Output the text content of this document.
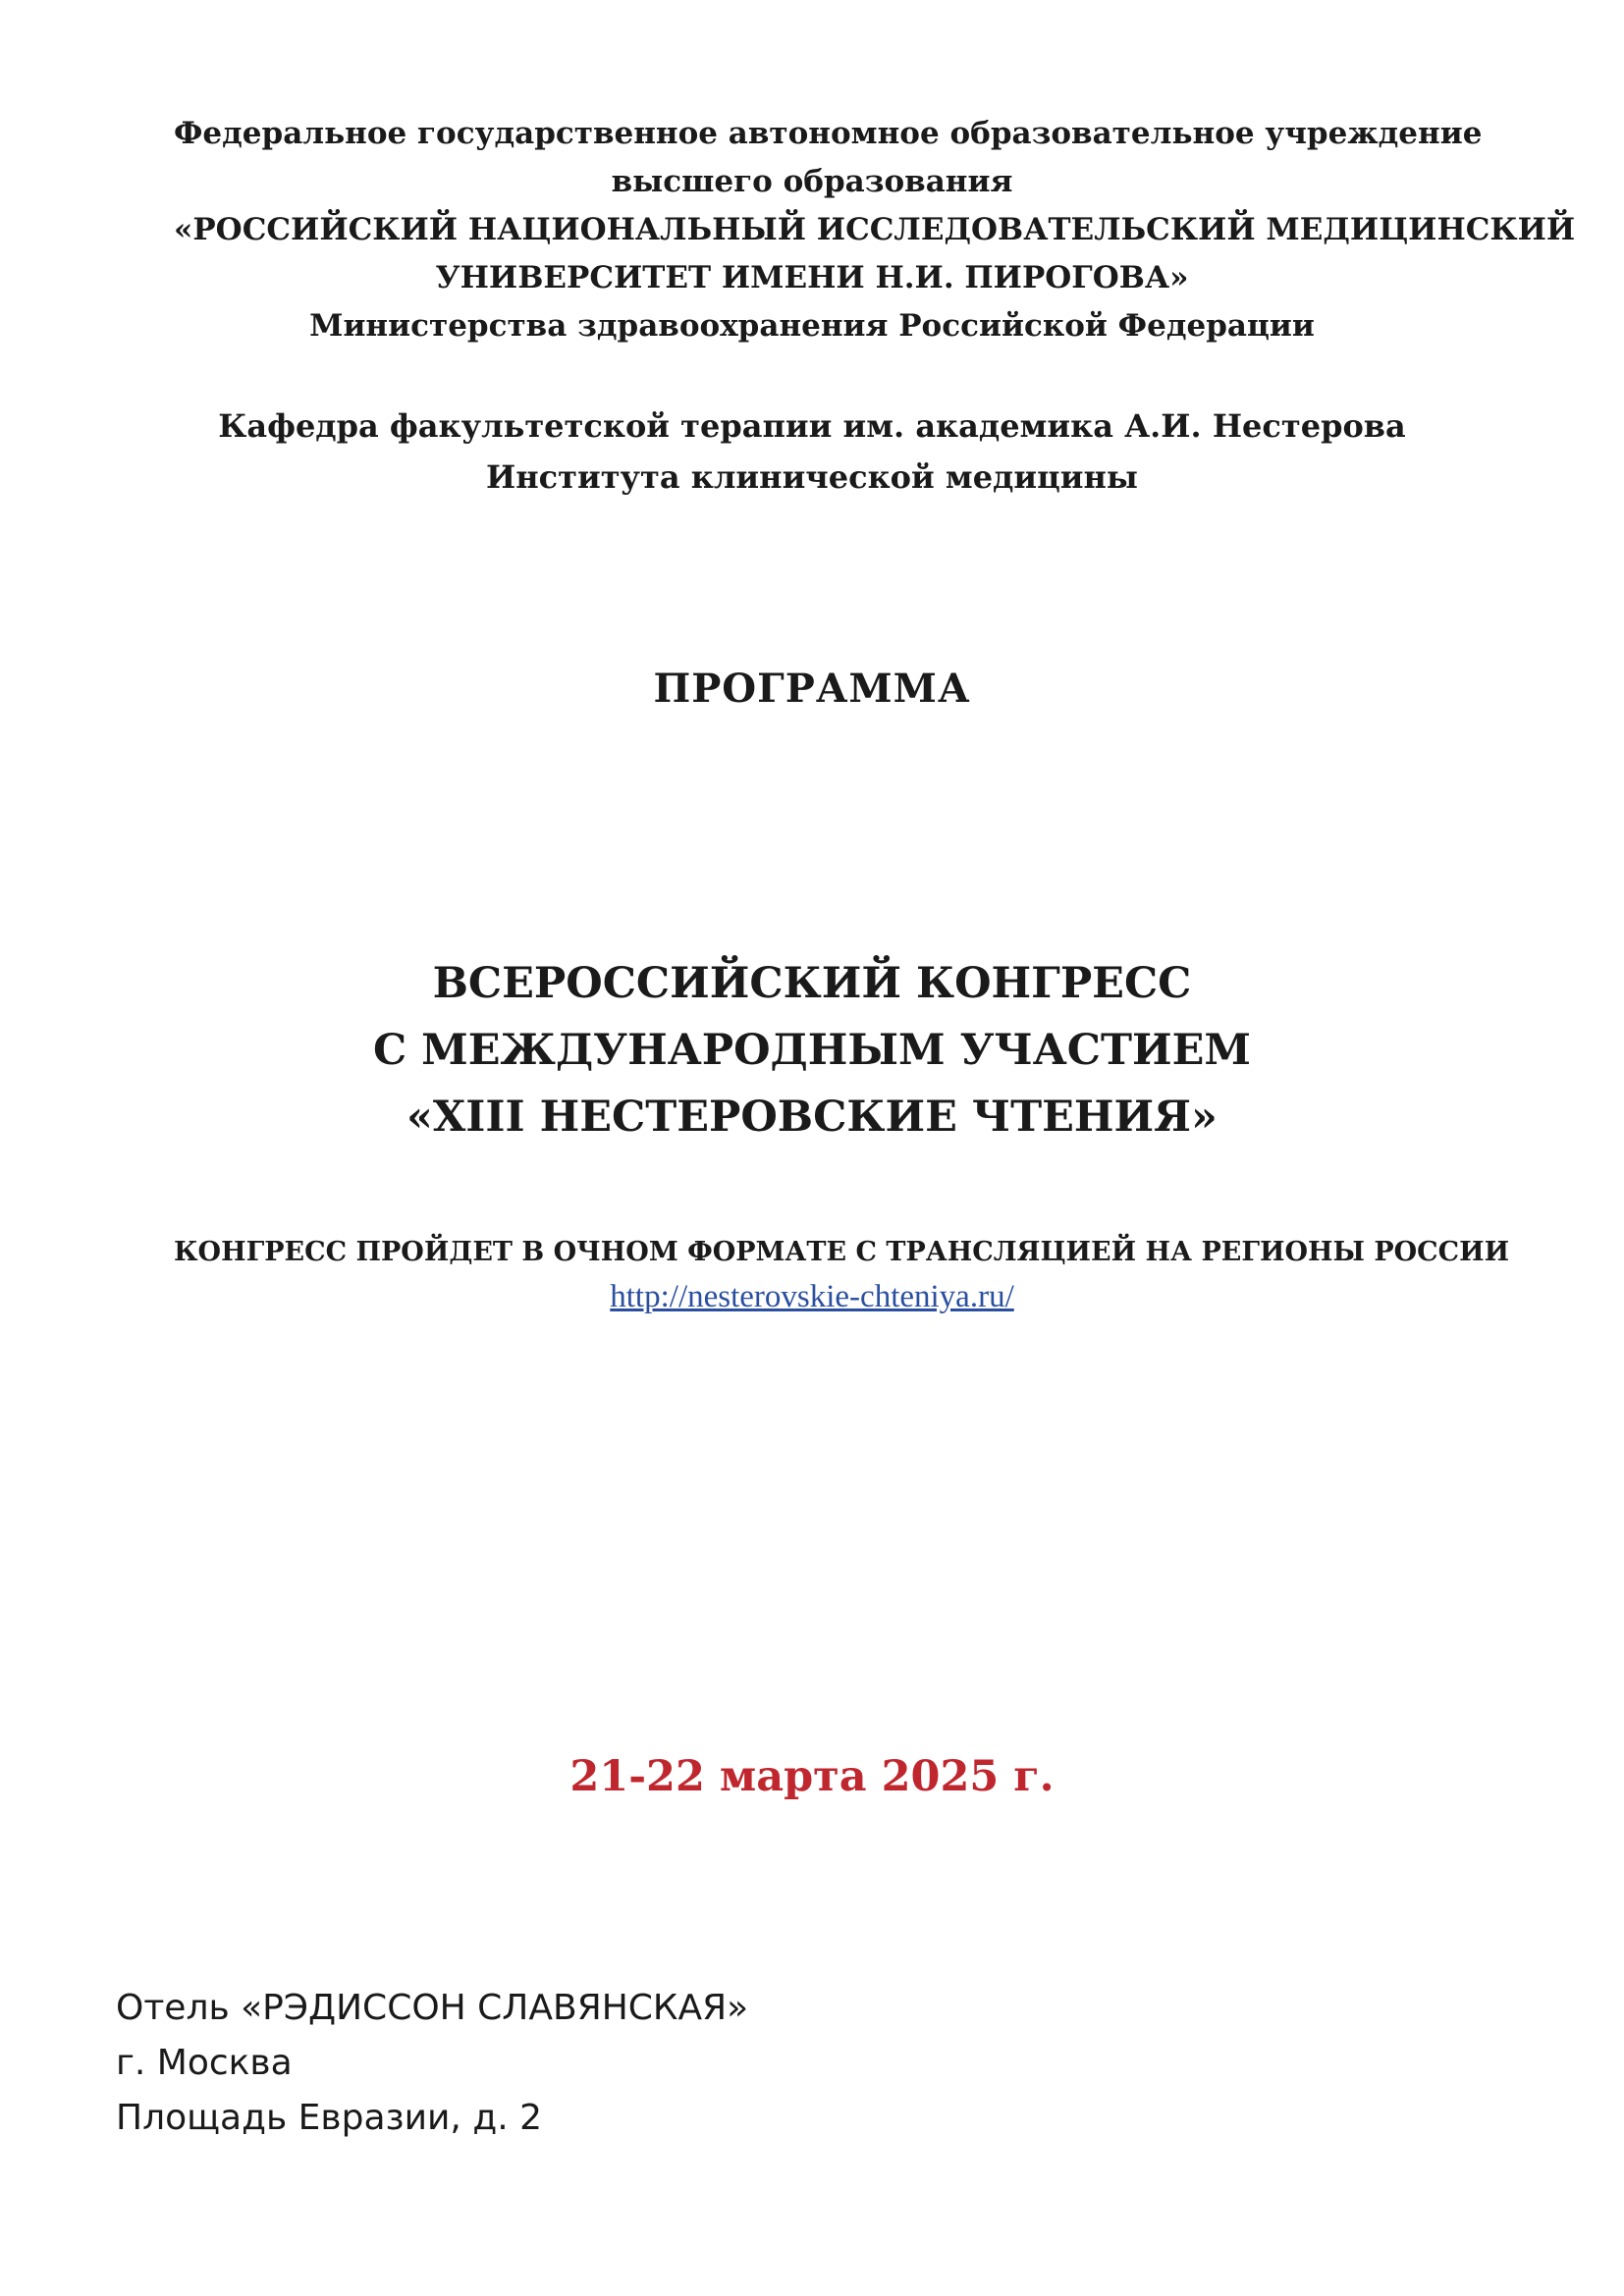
Федеральное государственное автономное образовательное учреждение
высшего образования
«РОССИЙСКИЙ НАЦИОНАЛЬНЫЙ ИССЛЕДОВАТЕЛЬСКИЙ МЕДИЦИНСКИЙ
УНИВЕРСИТЕТ ИМЕНИ Н.И. ПИРОГОВА»
Министерства здравоохранения Российской Федерации
Кафедра факультетской терапии им. академика А.И. Нестерова
Института клинической медицины
ПРОГРАММА
ВСЕРОССИЙСКИЙ КОНГРЕСС
С МЕЖДУНАРОДНЫМ УЧАСТИЕМ
«XIII НЕСТЕРОВСКИЕ ЧТЕНИЯ»
КОНГРЕСС ПРОЙДЕТ В ОЧНОМ ФОРМАТЕ С ТРАНСЛЯЦИЕЙ НА РЕГИОНЫ РОССИИ
http://nesterovskie-chteniya.ru/
21-22 марта 2025 г.
Отель «РЭДИССОН СЛАВЯНСКАЯ»
г. Москва
Площадь Евразии, д. 2
